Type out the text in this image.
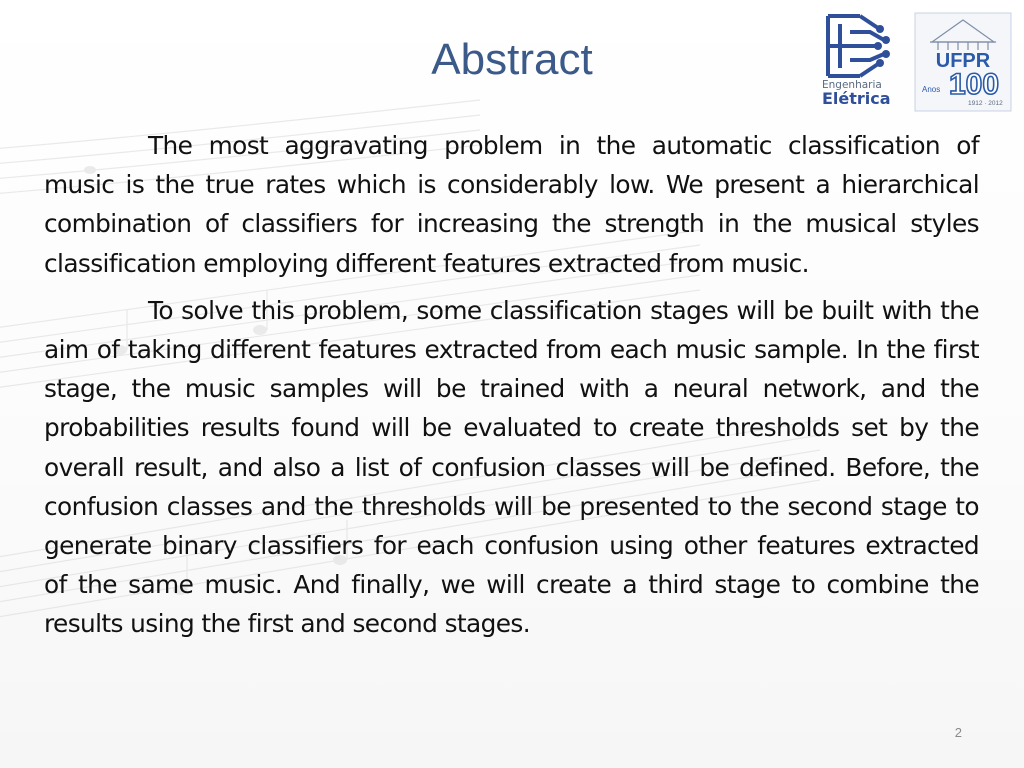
Engenharia
Elétrica
UFPR
100
Anos
1912 · 2012
Abstract

The most aggravating problem in the automatic classification of music is the true rates which is considerably low. We present a hierarchical combination of classifiers for increasing the strength in the musical styles classification employing different features extracted from music.

To solve this problem, some classification stages will be built with the aim of taking different features extracted from each music sample. In the first stage, the music samples will be trained with a neural network, and the probabilities results found will be evaluated to create thresholds set by the overall result, and also a list of confusion classes will be defined. Before, the confusion classes and the thresholds will be presented to the second stage to generate binary classifiers for each confusion using other features extracted of the same music. And finally, we will create a third stage to combine the results using the first and second stages.

2
